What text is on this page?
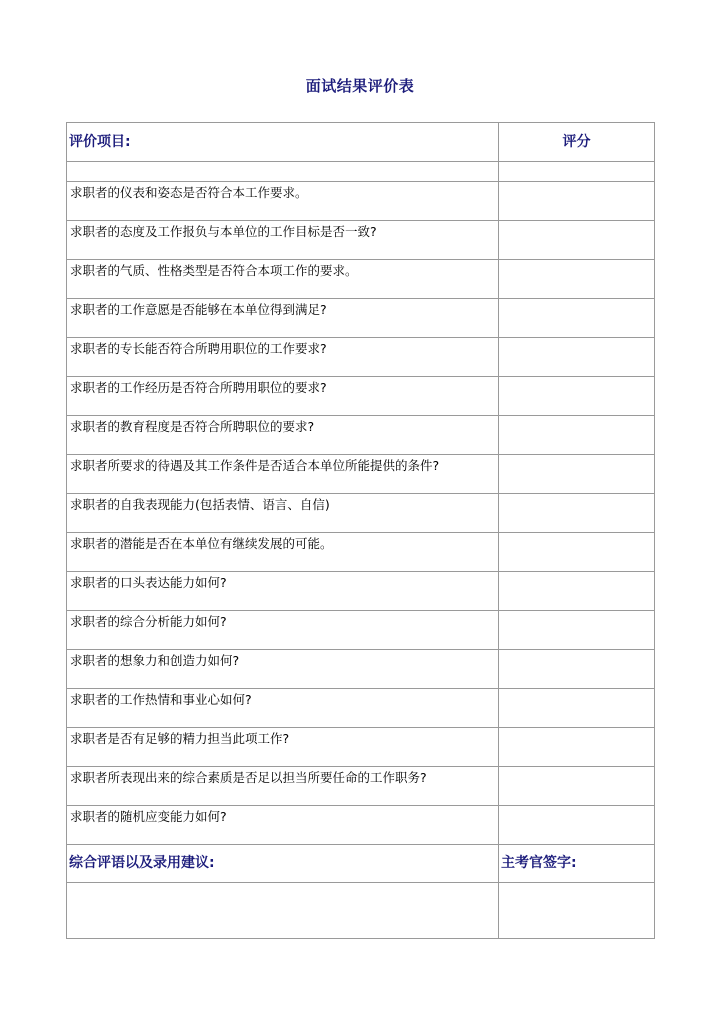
面试结果评价表
评价项目:	评分

求职者的仪表和姿态是否符合本工作要求。	
求职者的态度及工作报负与本单位的工作目标是否一致?	
求职者的气质、性格类型是否符合本项工作的要求。	
求职者的工作意愿是否能够在本单位得到满足?	
求职者的专长能否符合所聘用职位的工作要求?	
求职者的工作经历是否符合所聘用职位的要求?	
求职者的教育程度是否符合所聘职位的要求?	
求职者所要求的待遇及其工作条件是否适合本单位所能提供的条件?	
求职者的自我表现能力(包括表情、语言、自信)	
求职者的潜能是否在本单位有继续发展的可能。	
求职者的口头表达能力如何?	
求职者的综合分析能力如何?	
求职者的想象力和创造力如何?	
求职者的工作热情和事业心如何?	
求职者是否有足够的精力担当此项工作?	
求职者所表现出来的综合素质是否足以担当所要任命的工作职务?	
求职者的随机应变能力如何?	
综合评语以及录用建议:	主考官签字:
